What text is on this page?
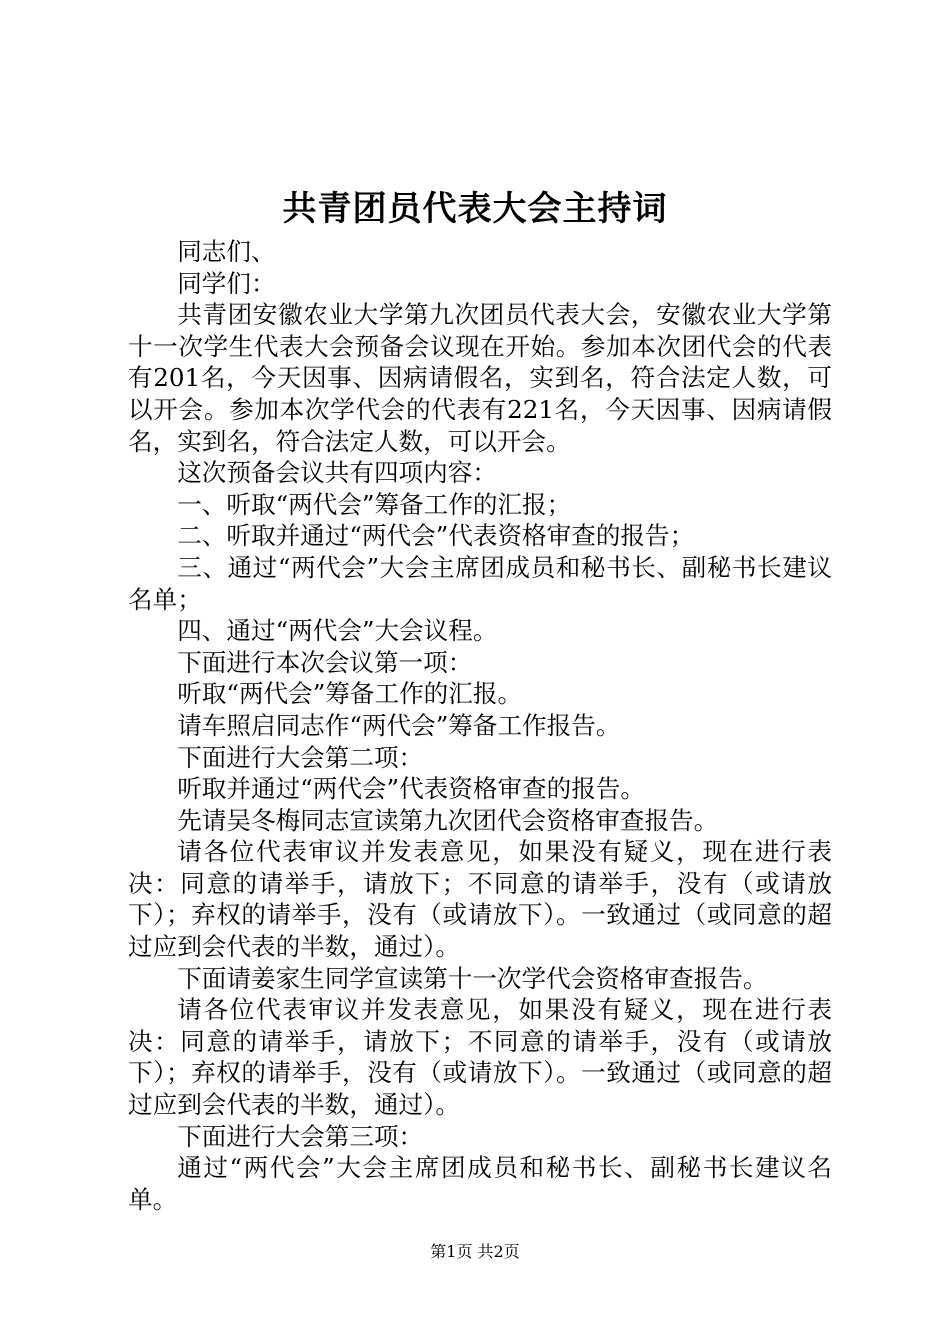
共青团员代表大会主持词

同志们、

同学们：

共青团安徽农业大学第九次团员代表大会，安徽农业大学第十一次学生代表大会预备会议现在开始。参加本次团代会的代表有201名，今天因事、因病请假名，实到名，符合法定人数，可以开会。参加本次学代会的代表有221名，今天因事、因病请假名，实到名，符合法定人数，可以开会。

这次预备会议共有四项内容：

一、听取“两代会”筹备工作的汇报；

二、听取并通过“两代会”代表资格审查的报告；

三、通过“两代会”大会主席团成员和秘书长、副秘书长建议名单；

四、通过“两代会”大会议程。

下面进行本次会议第一项：

听取“两代会”筹备工作的汇报。

请车照启同志作“两代会”筹备工作报告。

下面进行大会第二项：

听取并通过“两代会”代表资格审查的报告。

先请吴冬梅同志宣读第九次团代会资格审查报告。

请各位代表审议并发表意见，如果没有疑义，现在进行表决：同意的请举手，请放下；不同意的请举手，没有（或请放下）；弃权的请举手，没有（或请放下）。一致通过（或同意的超过应到会代表的半数，通过）。

下面请姜家生同学宣读第十一次学代会资格审查报告。

请各位代表审议并发表意见，如果没有疑义，现在进行表决：同意的请举手，请放下；不同意的请举手，没有（或请放下）；弃权的请举手，没有（或请放下）。一致通过（或同意的超过应到会代表的半数，通过）。

下面进行大会第三项：

通过“两代会”大会主席团成员和秘书长、副秘书长建议名单。

第1页 共2页
